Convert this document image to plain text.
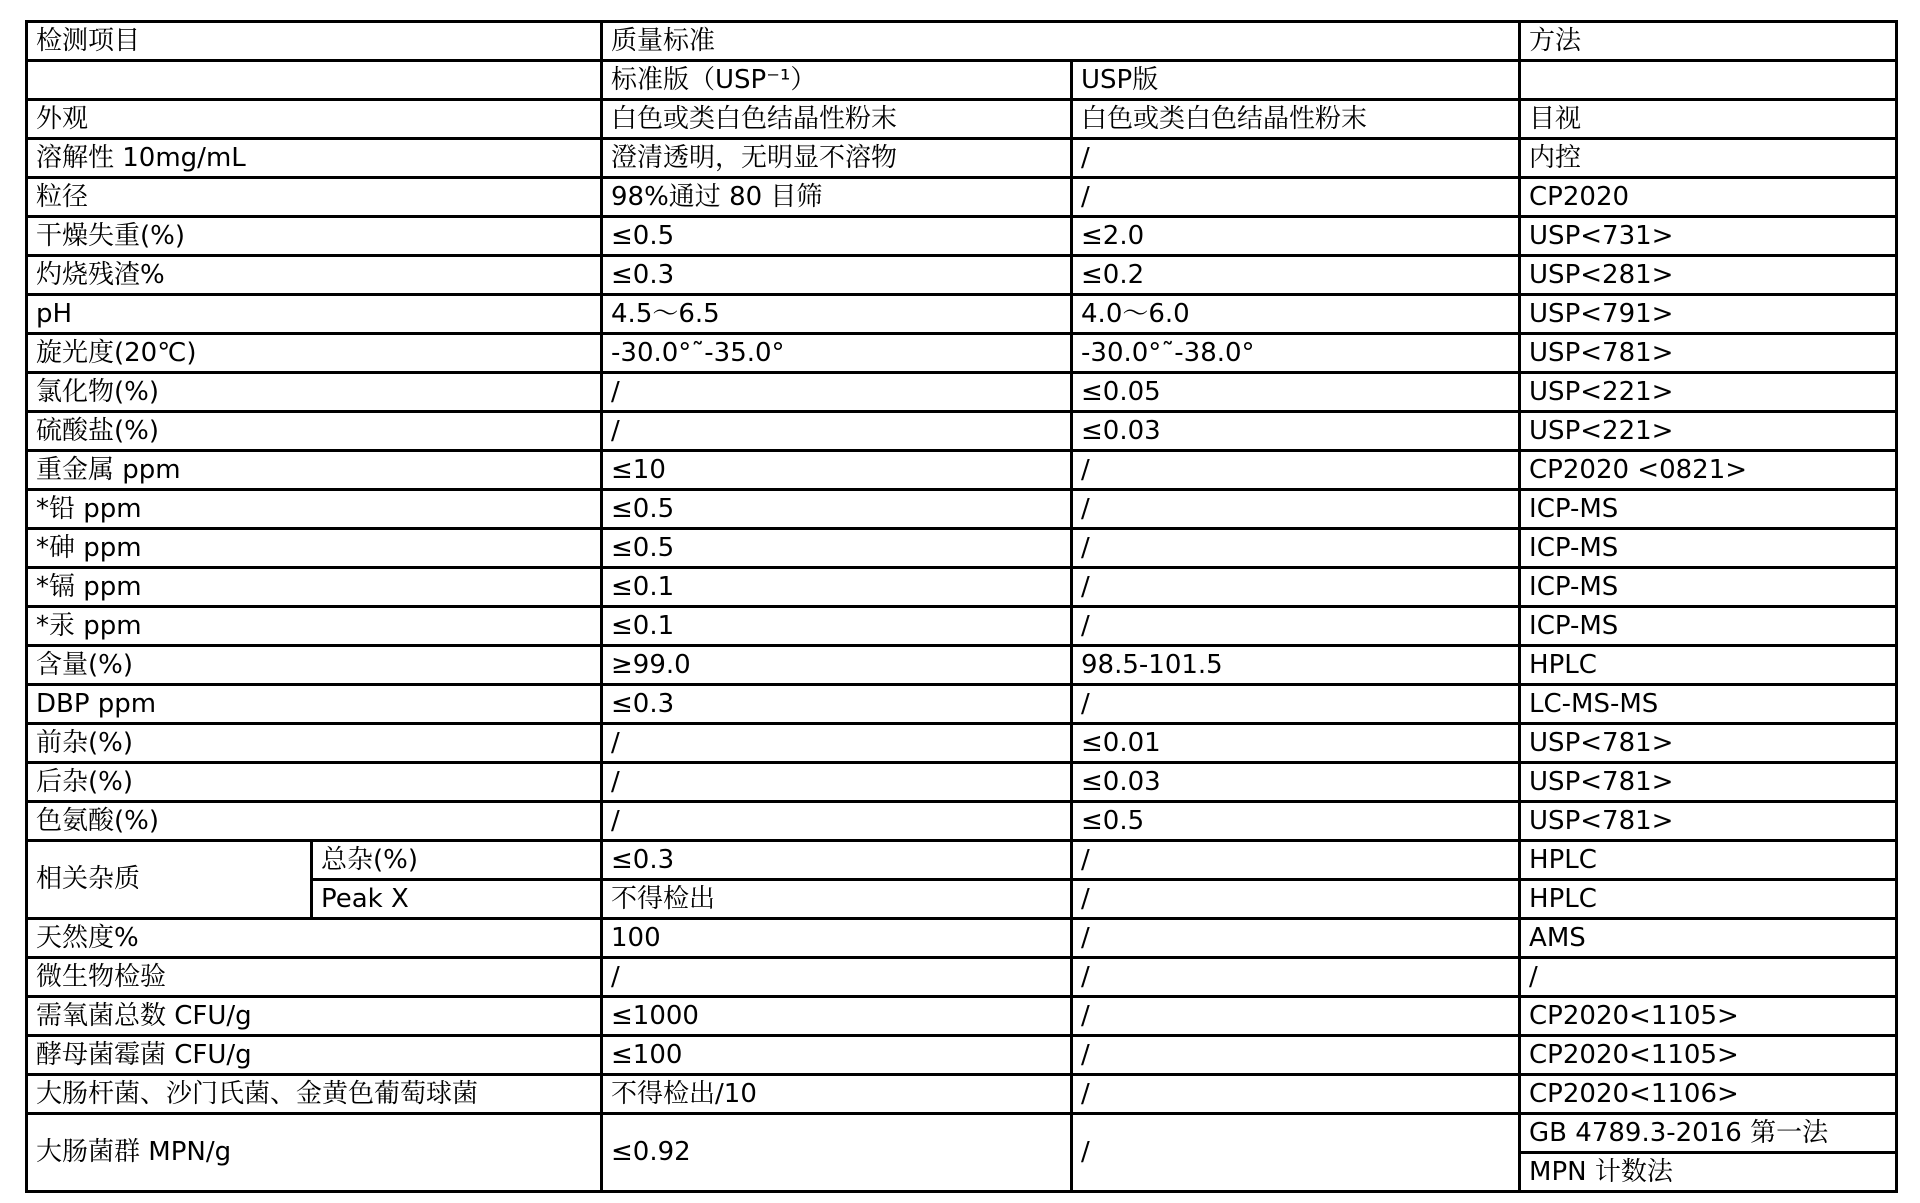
检测项目		质量标准		方法
		标准版（USP⁻¹）	USP版	
外观		白色或类白色结晶性粉末	白色或类白色结晶性粉末	目视
溶解性 10mg/mL		澄清透明，无明显不溶物	/	内控
粒径		98%通过 80 目筛	/	CP2020
干燥失重(%)		≤0.5	≤2.0	USP<731>
灼烧残渣%		≤0.3	≤0.2	USP<281>
pH		4.5～6.5	4.0～6.0	USP<791>
旋光度(20℃)		-30.0°˜-35.0°	-30.0°˜-38.0°	USP<781>
氯化物(%)		/	≤0.05	USP<221>
硫酸盐(%)		/	≤0.03	USP<221>
重金属 ppm		≤10	/	CP2020 <0821>
*铅 ppm		≤0.5	/	ICP-MS
*砷 ppm		≤0.5	/	ICP-MS
*镉 ppm		≤0.1	/	ICP-MS
*汞 ppm		≤0.1	/	ICP-MS
含量(%)		≥99.0	98.5-101.5	HPLC
DBP ppm		≤0.3	/	LC-MS-MS
前杂(%)		/	≤0.01	USP<781>
后杂(%)		/	≤0.03	USP<781>
色氨酸(%)		/	≤0.5	USP<781>
相关杂质	总杂(%)	≤0.3	/	HPLC
	Peak X	不得检出	/	HPLC
天然度%		100	/	AMS
微生物检验		/	/	/
需氧菌总数 CFU/g		≤1000	/	CP2020<1105>
酵母菌霉菌 CFU/g		≤100	/	CP2020<1105>
大肠杆菌、沙门氏菌、金黄色葡萄球菌		不得检出/10	/	CP2020<1106>
大肠菌群 MPN/g		≤0.92	/	GB 4789.3-2016 第一法
				MPN 计数法
